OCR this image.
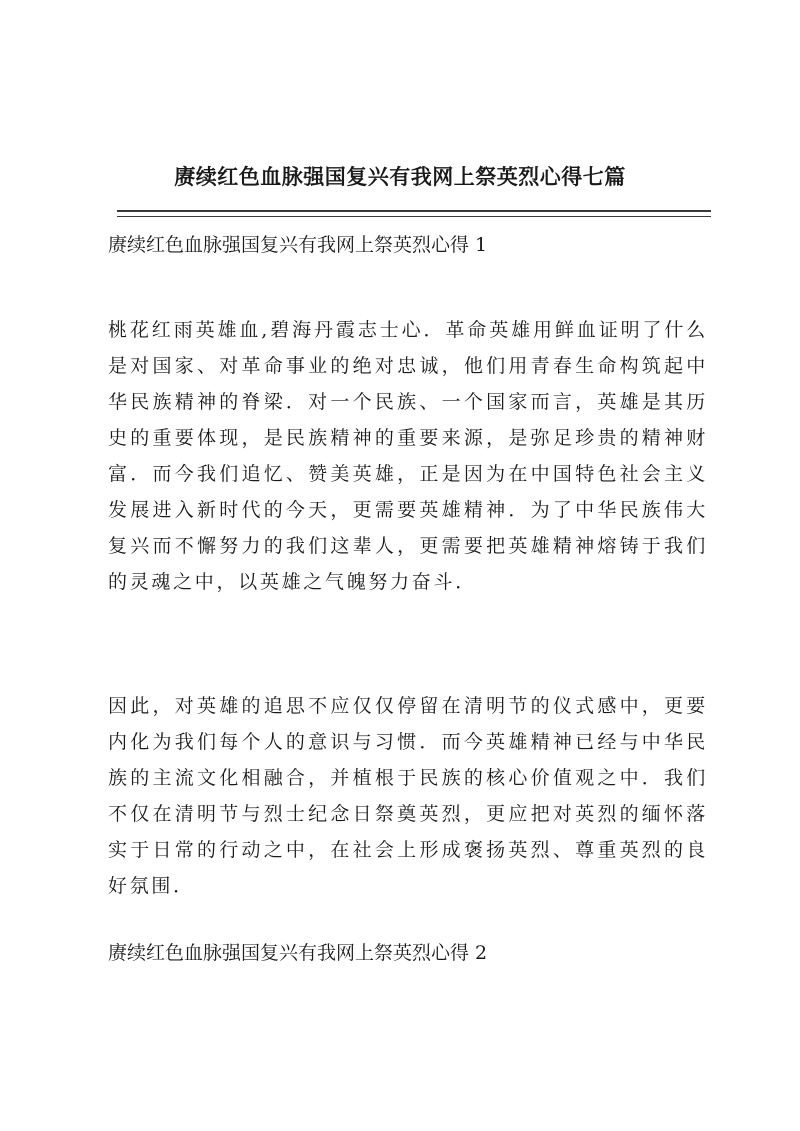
赓续红色血脉强国复兴有我网上祭英烈心得七篇
赓续红色血脉强国复兴有我网上祭英烈心得 1

桃花红雨英雄血,碧海丹霞志士心．革命英雄用鲜血证明了什么是对国家、对革命事业的绝对忠诚，他们用青春生命构筑起中华民族精神的脊梁．对一个民族、一个国家而言，英雄是其历史的重要体现，是民族精神的重要来源，是弥足珍贵的精神财富．而今我们追忆、赞美英雄，正是因为在中国特色社会主义发展进入新时代的今天，更需要英雄精神．为了中华民族伟大复兴而不懈努力的我们这辈人，更需要把英雄精神熔铸于我们的灵魂之中，以英雄之气魄努力奋斗．

因此，对英雄的追思不应仅仅停留在清明节的仪式感中，更要内化为我们每个人的意识与习惯．而今英雄精神已经与中华民族的主流文化相融合，并植根于民族的核心价值观之中．我们不仅在清明节与烈士纪念日祭奠英烈，更应把对英烈的缅怀落实于日常的行动之中，在社会上形成褒扬英烈、尊重英烈的良好氛围．

赓续红色血脉强国复兴有我网上祭英烈心得 2
